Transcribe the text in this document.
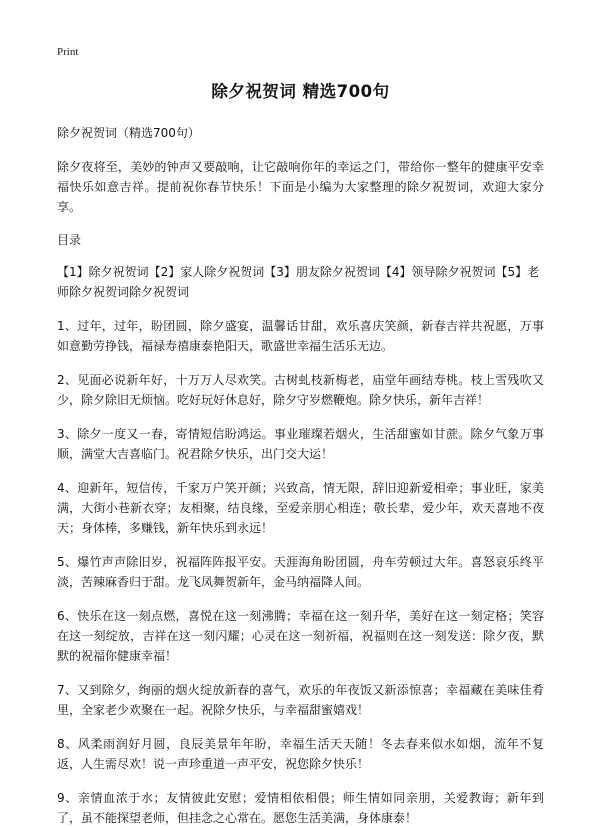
Print
除夕祝贺词 精选700句
除夕祝贺词（精选700句）
除夕夜将至，美妙的钟声又要敲响，让它敲响你年的幸运之门，带给你一整年的健康平安幸福快乐如意吉祥。提前祝你春节快乐！下面是小编为大家整理的除夕祝贺词，欢迎大家分享。
目录
【1】除夕祝贺词【2】家人除夕祝贺词【3】朋友除夕祝贺词【4】领导除夕祝贺词【5】老师除夕祝贺词除夕祝贺词
1、过年，过年，盼团圆，除夕盛宴，温馨话甘甜，欢乐喜庆笑颜，新春吉祥共祝愿，万事如意勤劳挣钱，福禄寿禧康泰艳阳天，歌盛世幸福生活乐无边。
2、见面必说新年好，十万万人尽欢笑。古树虬枝新梅老，庙堂年画结寿桃。枝上雪残吹又少，除夕除旧无烦恼。吃好玩好休息好，除夕守岁燃鞭炮。除夕快乐，新年吉祥！
3、除夕一度又一春，寄情短信盼鸿运。事业璀璨若烟火，生活甜蜜如甘蔗。除夕气象万事顺，满堂大吉喜临门。祝君除夕快乐，出门交大运！
4、迎新年，短信传，千家万户笑开颜；兴致高，情无限，辞旧迎新爱相牵；事业旺，家美满，大街小巷新衣穿；友相聚，结良缘，至爱亲朋心相连；敬长辈，爱少年，欢天喜地不夜天；身体棒，多赚钱，新年快乐到永远！
5、爆竹声声除旧岁，祝福阵阵报平安。天涯海角盼团圆，舟车劳顿过大年。喜怒哀乐终平淡，苦辣麻香归于甜。龙飞凤舞贺新年，金马纳福降人间。
6、快乐在这一刻点燃，喜悦在这一刻沸腾；幸福在这一刻升华，美好在这一刻定格；笑容在这一刻绽放，吉祥在这一刻闪耀；心灵在这一刻祈福，祝福则在这一刻发送：除夕夜，默默的祝福你健康幸福！
7、又到除夕，绚丽的烟火绽放新春的喜气，欢乐的年夜饭又新添惊喜；幸福藏在美味佳肴里，全家老少欢聚在一起。祝除夕快乐，与幸福甜蜜嬉戏！
8、风柔雨润好月圆，良辰美景年年盼，幸福生活天天随！冬去春来似水如烟，流年不复返，人生需尽欢！说一声珍重道一声平安，祝您除夕快乐！
9、亲情血浓于水；友情彼此安慰；爱情相依相偎；师生情如同亲朋，关爱教诲；新年到了，虽不能探望老师，但挂念之心常在。愿您生活美满，身体康泰！
